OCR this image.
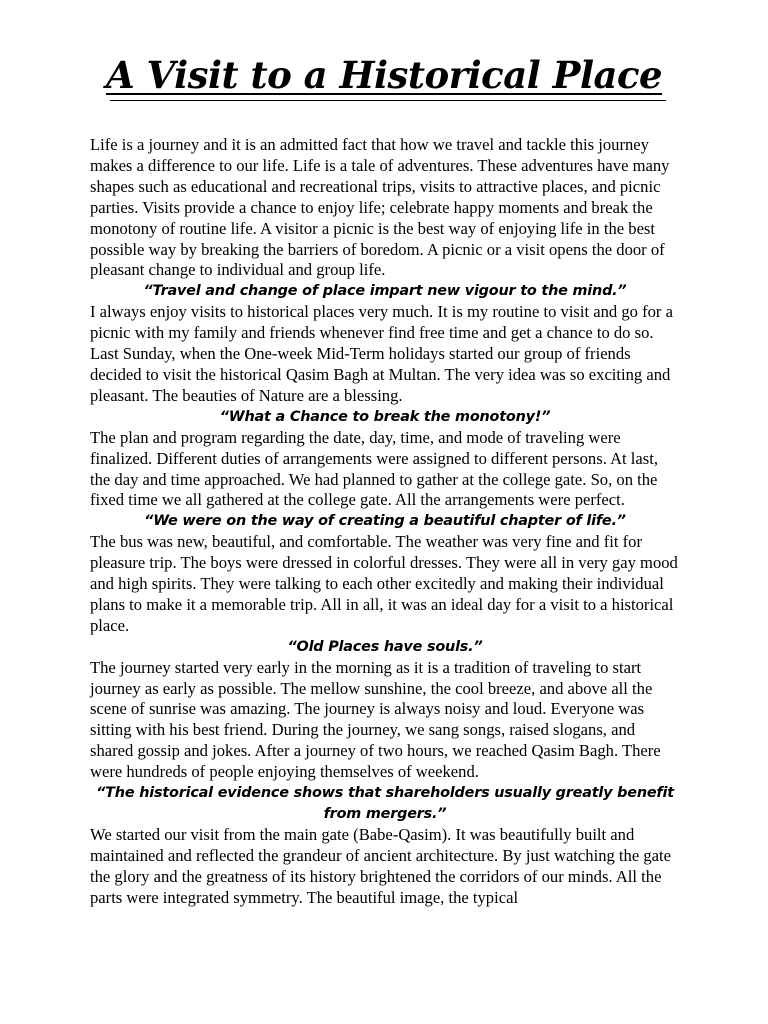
A Visit to a Historical Place

Life is a journey and it is an admitted fact that how we travel and tackle this journey makes a difference to our life. Life is a tale of adventures. These adventures have many shapes such as educational and recreational trips, visits to attractive places, and picnic parties. Visits provide a chance to enjoy life; celebrate happy moments and break the monotony of routine life. A visitor a picnic is the best way of enjoying life in the best possible way by breaking the barriers of boredom. A picnic or a visit opens the door of pleasant change to individual and group life.

“Travel and change of place impart new vigour to the mind.”

I always enjoy visits to historical places very much. It is my routine to visit and go for a picnic with my family and friends whenever find free time and get a chance to do so. Last Sunday, when the One-week Mid-Term holidays started our group of friends decided to visit the historical Qasim Bagh at Multan. The very idea was so exciting and pleasant. The beauties of Nature are a blessing.

“What a Chance to break the monotony!”

The plan and program regarding the date, day, time, and mode of traveling were finalized. Different duties of arrangements were assigned to different persons. At last, the day and time approached. We had planned to gather at the college gate. So, on the fixed time we all gathered at the college gate. All the arrangements were perfect.

“We were on the way of creating a beautiful chapter of life.”

The bus was new, beautiful, and comfortable. The weather was very fine and fit for pleasure trip. The boys were dressed in colorful dresses. They were all in very gay mood and high spirits. They were talking to each other excitedly and making their individual plans to make it a memorable trip. All in all, it was an ideal day for a visit to a historical place.

“Old Places have souls.”

The journey started very early in the morning as it is a tradition of traveling to start journey as early as possible. The mellow sunshine, the cool breeze, and above all the scene of sunrise was amazing. The journey is always noisy and loud. Everyone was sitting with his best friend. During the journey, we sang songs, raised slogans, and shared gossip and jokes. After a journey of two hours, we reached Qasim Bagh. There were hundreds of people enjoying themselves of weekend.

“The historical evidence shows that shareholders usually greatly benefit from mergers.”

We started our visit from the main gate (Babe-Qasim). It was beautifully built and maintained and reflected the grandeur of ancient architecture. By just watching the gate the glory and the greatness of its history brightened the corridors of our minds. All the parts were integrated symmetry. The beautiful image, the typical
